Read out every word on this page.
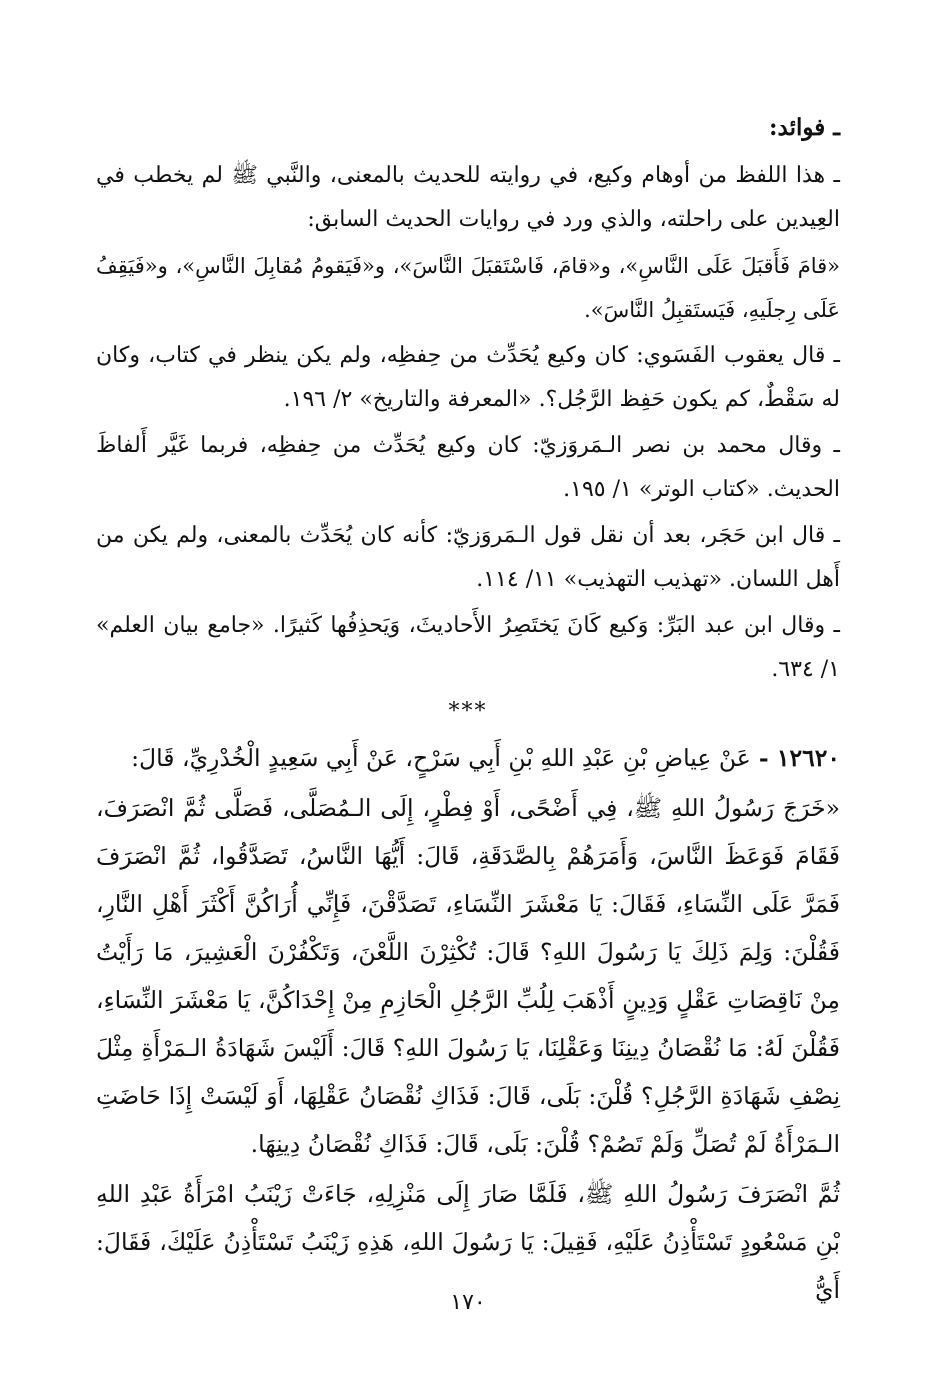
ـ فوائد:

ـ هذا اللفظ من أوهام وكيع، في روايته للحديث بالمعنى، والنَّبي ﷺ لم يخطب في العِيدين على راحلته، والذي ورد في روايات الحديث السابق:

«قامَ فَأَقبَلَ عَلَى النَّاسِ»، و«قامَ، فَاسْتَقبَلَ النَّاسَ»، و«فَيَقومُ مُقابِلَ النَّاسِ»، و«فَيَقِفُ عَلَى رِجلَيهِ، فَيَستَقبِلُ النَّاسَ».

ـ قال يعقوب الفَسَوي: كان وكيع يُحَدِّث من حِفظِه، ولم يكن ينظر في كتاب، وكان له سَقْطٌ، كم يكون حَفِظ الرَّجُل؟. «المعرفة والتاريخ» ٢/ ١٩٦.

ـ وقال محمد بن نصر الـمَروَزيّ: كان وكيع يُحَدِّث من حِفظِه، فربما غَيَّر أَلفاظَ الحديث. «كتاب الوتر» ١/ ١٩٥.

ـ قال ابن حَجَر، بعد أن نقل قول الـمَروَزيّ: كأنه كان يُحَدِّث بالمعنى، ولم يكن من أَهل اللسان. «تهذيب التهذيب» ١١/ ١١٤.

ـ وقال ابن عبد البَرِّ: وَكيع كَانَ يَختَصِرُ الأَحاديثَ، وَيَحذِفُها كَثيرًا. «جامع بيان العلم» ١/ ٦٣٤.

***

١٢٦٢٠ - عَنْ عِياضِ بْنِ عَبْدِ اللهِ بْنِ أَبِي سَرْحٍ، عَنْ أَبِي سَعِيدٍ الْخُدْرِيِّ، قَالَ:

«خَرَجَ رَسُولُ اللهِ ﷺ، فِي أَضْحًى، أَوْ فِطْرٍ، إِلَى الـمُصَلَّى، فَصَلَّى ثُمَّ انْصَرَفَ، فَقَامَ فَوَعَظَ النَّاسَ، وَأَمَرَهُمْ بِالصَّدَقَةِ، قَالَ: أَيُّهَا النَّاسُ، تَصَدَّقُوا، ثُمَّ انْصَرَفَ فَمَرَّ عَلَى النِّسَاءِ، فَقَالَ: يَا مَعْشَرَ النِّسَاءِ، تَصَدَّقْنَ، فَإِنِّي أُرَاكُنَّ أَكْثَرَ أَهْلِ النَّارِ، فَقُلْنَ: وَلِمَ ذَلِكَ يَا رَسُولَ اللهِ؟ قَالَ: تُكْثِرْنَ اللَّعْنَ، وَتَكْفُرْنَ الْعَشِيرَ، مَا رَأَيْتُ مِنْ نَاقِصَاتِ عَقْلٍ وَدِينٍ أَذْهَبَ لِلُبِّ الرَّجُلِ الْحَازِمِ مِنْ إِحْدَاكُنَّ، يَا مَعْشَرَ النِّسَاءِ، فَقُلْنَ لَهُ: مَا نُقْصَانُ دِينِنَا وَعَقْلِنَا، يَا رَسُولَ اللهِ؟ قَالَ: أَلَيْسَ شَهَادَةُ الـمَرْأَةِ مِثْلَ نِصْفِ شَهَادَةِ الرَّجُلِ؟ قُلْنَ: بَلَى، قَالَ: فَذَاكِ نُقْصَانُ عَقْلِهَا، أَوَ لَيْسَتْ إِذَا حَاضَتِ الـمَرْأَةُ لَمْ تُصَلِّ وَلَمْ تَصُمْ؟ قُلْنَ: بَلَى، قَالَ: فَذَاكِ نُقْصَانُ دِينِهَا.

ثُمَّ انْصَرَفَ رَسُولُ اللهِ ﷺ، فَلَمَّا صَارَ إِلَى مَنْزِلِهِ، جَاءَتْ زَيْنَبُ امْرَأَةُ عَبْدِ اللهِ بْنِ مَسْعُودٍ تَسْتَأْذِنُ عَلَيْهِ، فَقِيلَ: يَا رَسُولَ اللهِ، هَذِهِ زَيْنَبُ تَسْتَأْذِنُ عَلَيْكَ، فَقَالَ: أَيُّ

١٧٠
